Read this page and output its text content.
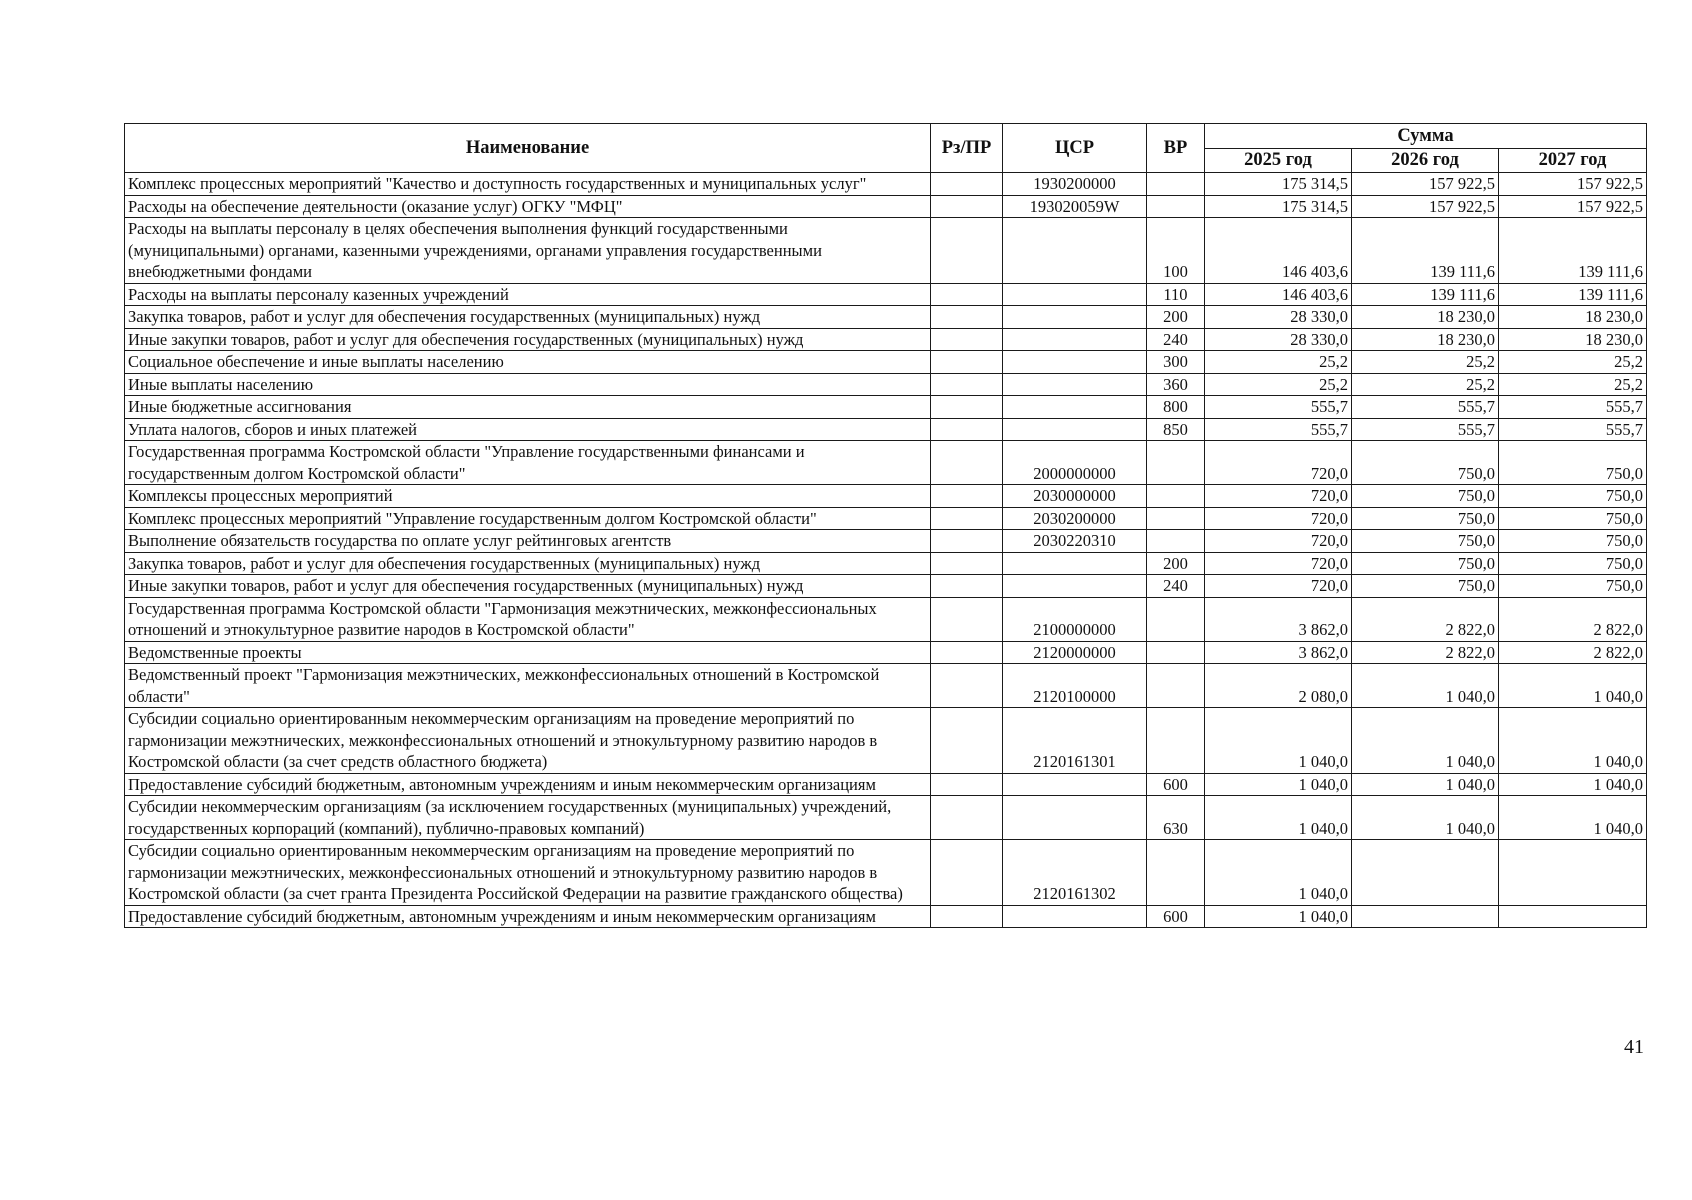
Наименование	Рз/ПР	ЦСР	ВР	Сумма		
				2025 год	2026 год	2027 год
Комплекс процессных мероприятий "Качество и доступность государственных и муниципальных услуг"		1930200000		175 314,5	157 922,5	157 922,5
Расходы на обеспечение деятельности (оказание услуг) ОГКУ "МФЦ"		193020059W		175 314,5	157 922,5	157 922,5
Расходы на выплаты персоналу в целях обеспечения выполнения функций государственными (муниципальными) органами, казенными учреждениями, органами управления государственными внебюджетными фондами			100	146 403,6	139 111,6	139 111,6
Расходы на выплаты персоналу казенных учреждений			110	146 403,6	139 111,6	139 111,6
Закупка товаров, работ и услуг для обеспечения государственных (муниципальных) нужд			200	28 330,0	18 230,0	18 230,0
Иные закупки товаров, работ и услуг для обеспечения государственных (муниципальных) нужд			240	28 330,0	18 230,0	18 230,0
Социальное обеспечение и иные выплаты населению			300	25,2	25,2	25,2
Иные выплаты населению			360	25,2	25,2	25,2
Иные бюджетные ассигнования			800	555,7	555,7	555,7
Уплата налогов, сборов и иных платежей			850	555,7	555,7	555,7
Государственная программа Костромской области "Управление государственными финансами и государственным долгом Костромской области"		2000000000		720,0	750,0	750,0
Комплексы процессных мероприятий		2030000000		720,0	750,0	750,0
Комплекс процессных мероприятий "Управление государственным долгом Костромской области"		2030200000		720,0	750,0	750,0
Выполнение обязательств государства по оплате услуг рейтинговых агентств		2030220310		720,0	750,0	750,0
Закупка товаров, работ и услуг для обеспечения государственных (муниципальных) нужд			200	720,0	750,0	750,0
Иные закупки товаров, работ и услуг для обеспечения государственных (муниципальных) нужд			240	720,0	750,0	750,0
Государственная программа Костромской области "Гармонизация межэтнических, межконфессиональных отношений и этнокультурное развитие народов в Костромской области"		2100000000		3 862,0	2 822,0	2 822,0
Ведомственные проекты		2120000000		3 862,0	2 822,0	2 822,0
Ведомственный проект "Гармонизация межэтнических, межконфессиональных отношений в Костромской области"		2120100000		2 080,0	1 040,0	1 040,0
Субсидии социально ориентированным некоммерческим организациям на проведение мероприятий по гармонизации межэтнических, межконфессиональных отношений и этнокультурному развитию народов в Костромской области (за счет средств областного бюджета)		2120161301		1 040,0	1 040,0	1 040,0
Предоставление субсидий бюджетным, автономным учреждениям и иным некоммерческим организациям			600	1 040,0	1 040,0	1 040,0
Субсидии некоммерческим организациям (за исключением государственных (муниципальных) учреждений, государственных корпораций (компаний), публично-правовых компаний)			630	1 040,0	1 040,0	1 040,0
Субсидии социально ориентированным некоммерческим организациям на проведение мероприятий по гармонизации межэтнических, межконфессиональных отношений и этнокультурному развитию народов в Костромской области (за счет гранта Президента Российской Федерации на развитие гражданского общества)		2120161302		1 040,0		
Предоставление субсидий бюджетным, автономным учреждениям и иным некоммерческим организациям			600	1 040,0		
41
